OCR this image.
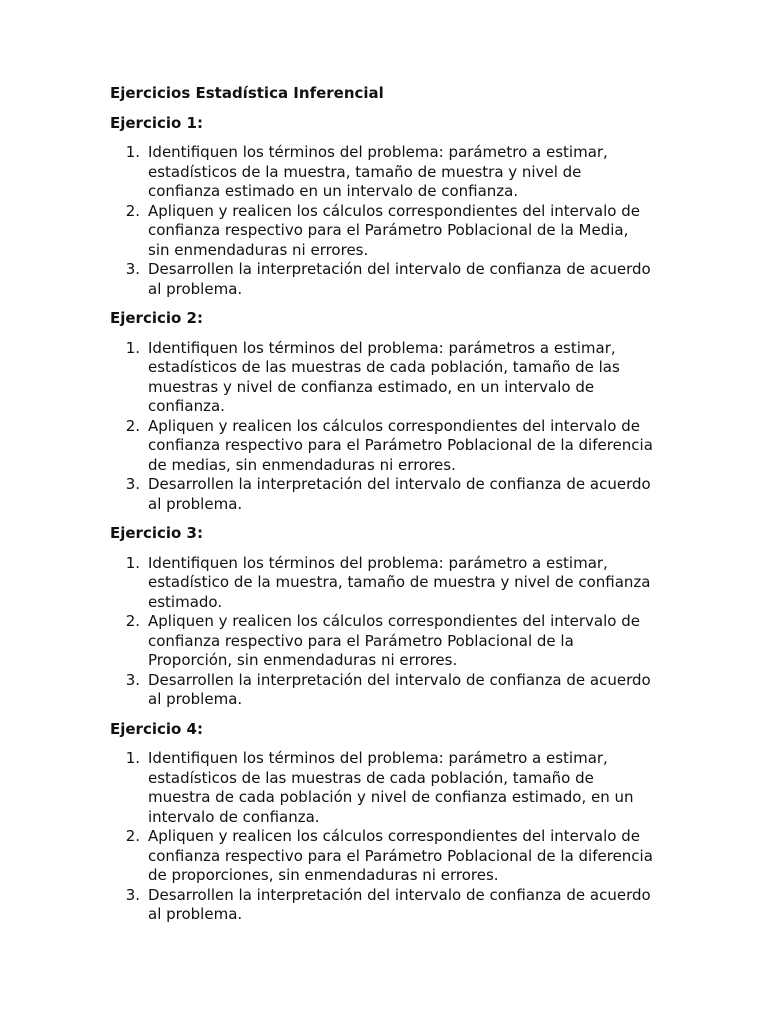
Ejercicios Estadística Inferencial
Ejercicio 1:
1. Identifiquen los términos del problema: parámetro a estimar, estadísticos de la muestra, tamaño de muestra y nivel de confianza estimado en un intervalo de confianza.
2. Apliquen y realicen los cálculos correspondientes del intervalo de confianza respectivo para el Parámetro Poblacional de la Media, sin enmendaduras ni errores.
3. Desarrollen la interpretación del intervalo de confianza de acuerdo al problema.
Ejercicio 2:
1. Identifiquen los términos del problema: parámetros a estimar, estadísticos de las muestras de cada población, tamaño de las muestras y nivel de confianza estimado, en un intervalo de confianza.
2. Apliquen y realicen los cálculos correspondientes del intervalo de confianza respectivo para el Parámetro Poblacional de la diferencia de medias, sin enmendaduras ni errores.
3. Desarrollen la interpretación del intervalo de confianza de acuerdo al problema.
Ejercicio 3:
1. Identifiquen los términos del problema: parámetro a estimar, estadístico de la muestra, tamaño de muestra y nivel de confianza estimado.
2. Apliquen y realicen los cálculos correspondientes del intervalo de confianza respectivo para el Parámetro Poblacional de la Proporción, sin enmendaduras ni errores.
3. Desarrollen la interpretación del intervalo de confianza de acuerdo al problema.
Ejercicio 4:
1. Identifiquen los términos del problema: parámetro a estimar, estadísticos de las muestras de cada población, tamaño de muestra de cada población y nivel de confianza estimado, en un intervalo de confianza.
2. Apliquen y realicen los cálculos correspondientes del intervalo de confianza respectivo para el Parámetro Poblacional de la diferencia de proporciones, sin enmendaduras ni errores.
3. Desarrollen la interpretación del intervalo de confianza de acuerdo al problema.
